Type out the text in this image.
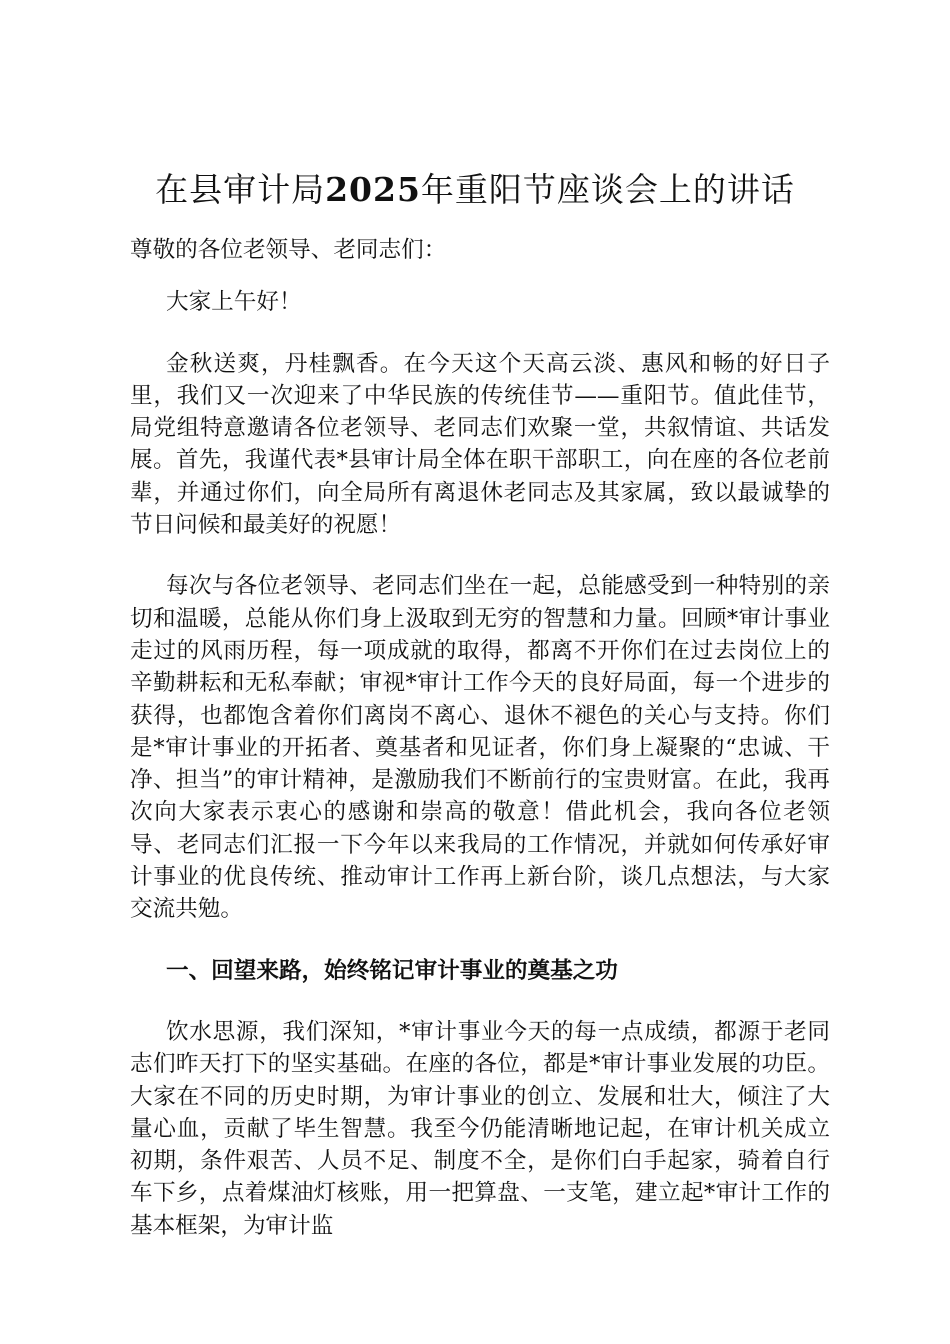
在县审计局2025年重阳节座谈会上的讲话

尊敬的各位老领导、老同志们：

大家上午好！

金秋送爽，丹桂飘香。在今天这个天高云淡、惠风和畅的好日子里，我们又一次迎来了中华民族的传统佳节——重阳节。值此佳节，局党组特意邀请各位老领导、老同志们欢聚一堂，共叙情谊、共话发展。首先，我谨代表*县审计局全体在职干部职工，向在座的各位老前辈，并通过你们，向全局所有离退休老同志及其家属，致以最诚挚的节日问候和最美好的祝愿！

每次与各位老领导、老同志们坐在一起，总能感受到一种特别的亲切和温暖，总能从你们身上汲取到无穷的智慧和力量。回顾*审计事业走过的风雨历程，每一项成就的取得，都离不开你们在过去岗位上的辛勤耕耘和无私奉献；审视*审计工作今天的良好局面，每一个进步的获得，也都饱含着你们离岗不离心、退休不褪色的关心与支持。你们是*审计事业的开拓者、奠基者和见证者，你们身上凝聚的“忠诚、干净、担当”的审计精神，是激励我们不断前行的宝贵财富。在此，我再次向大家表示衷心的感谢和崇高的敬意！借此机会，我向各位老领导、老同志们汇报一下今年以来我局的工作情况，并就如何传承好审计事业的优良传统、推动审计工作再上新台阶，谈几点想法，与大家交流共勉。

一、回望来路，始终铭记审计事业的奠基之功

饮水思源，我们深知，*审计事业今天的每一点成绩，都源于老同志们昨天打下的坚实基础。在座的各位，都是*审计事业发展的功臣。大家在不同的历史时期，为审计事业的创立、发展和壮大，倾注了大量心血，贡献了毕生智慧。我至今仍能清晰地记起，在审计机关成立初期，条件艰苦、人员不足、制度不全，是你们白手起家，骑着自行车下乡，点着煤油灯核账，用一把算盘、一支笔，建立起*审计工作的基本框架，为审计监
